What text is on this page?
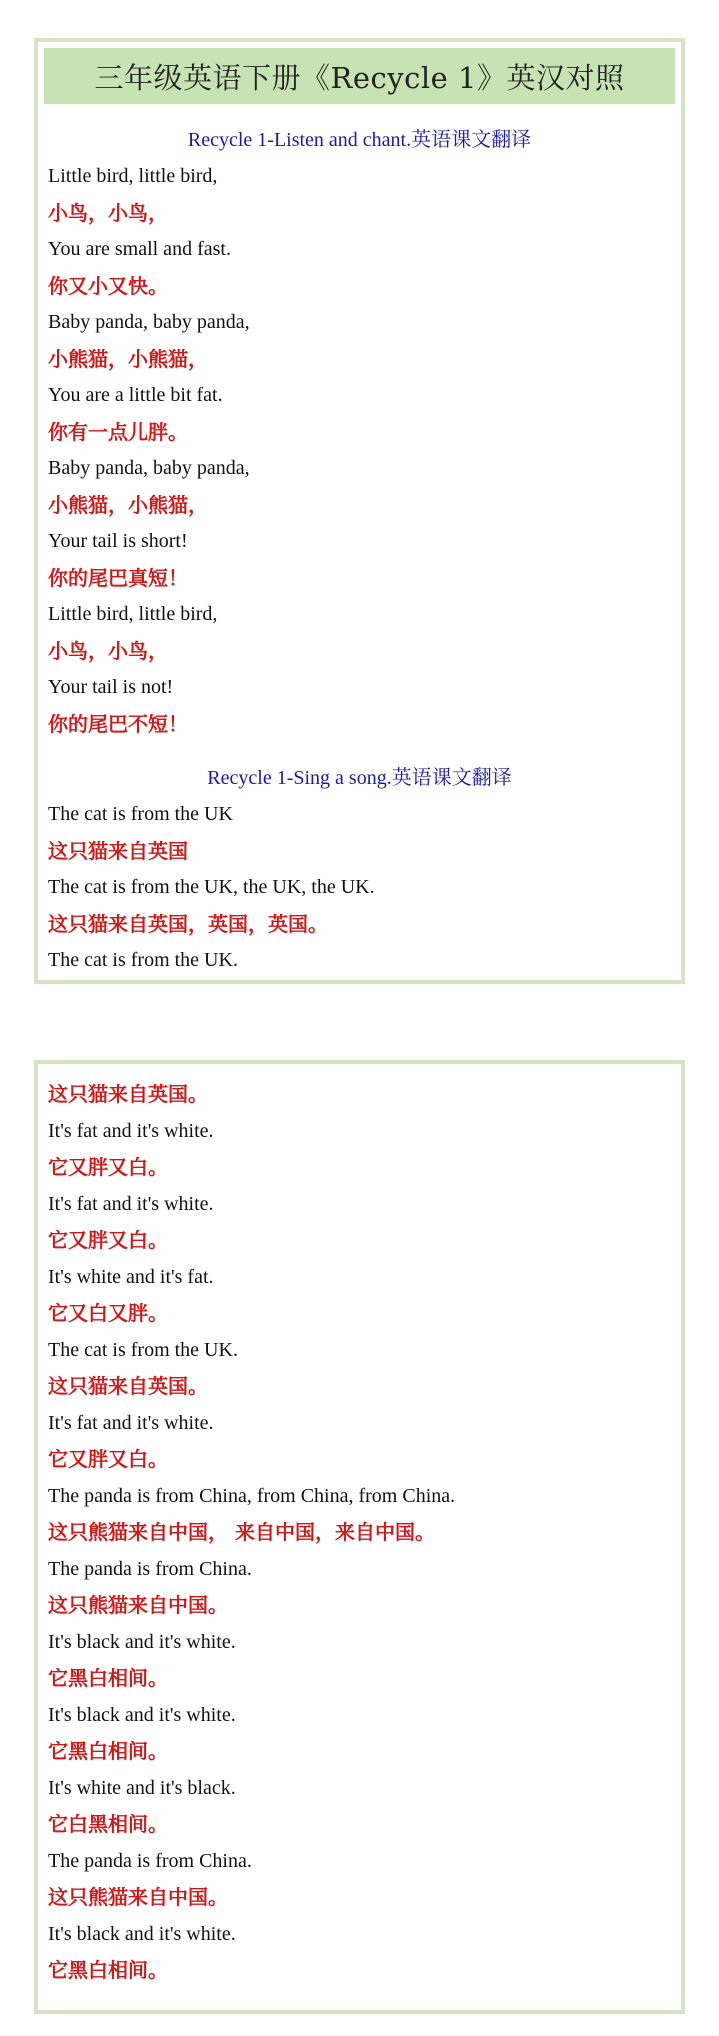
三年级英语下册《Recycle 1》英汉对照
Recycle 1-Listen and chant.英语课文翻译
Little bird, little bird,
小鸟，小鸟，
You are small and fast.
你又小又快。
Baby panda, baby panda,
小熊猫，小熊猫，
You are a little bit fat.
你有一点儿胖。
Baby panda, baby panda,
小熊猫，小熊猫，
Your tail is short!
你的尾巴真短！
Little bird, little bird,
小鸟，小鸟，
Your tail is not!
你的尾巴不短！
Recycle 1-Sing a song.英语课文翻译
The cat is from the UK
这只猫来自英国
The cat is from the UK, the UK, the UK.
这只猫来自英国，英国，英国。
The cat is from the UK.
这只猫来自英国。
It's fat and it's white.
它又胖又白。
It's fat and it's white.
它又胖又白。
It's white and it's fat.
它又白又胖。
The cat is from the UK.
这只猫来自英国。
It's fat and it's white.
它又胖又白。
The panda is from China, from China, from China.
这只熊猫来自中国， 来自中国，来自中国。
The panda is from China.
这只熊猫来自中国。
It's black and it's white.
它黑白相间。
It's black and it's white.
它黑白相间。
It's white and it's black.
它白黑相间。
The panda is from China.
这只熊猫来自中国。
It's black and it's white.
它黑白相间。
